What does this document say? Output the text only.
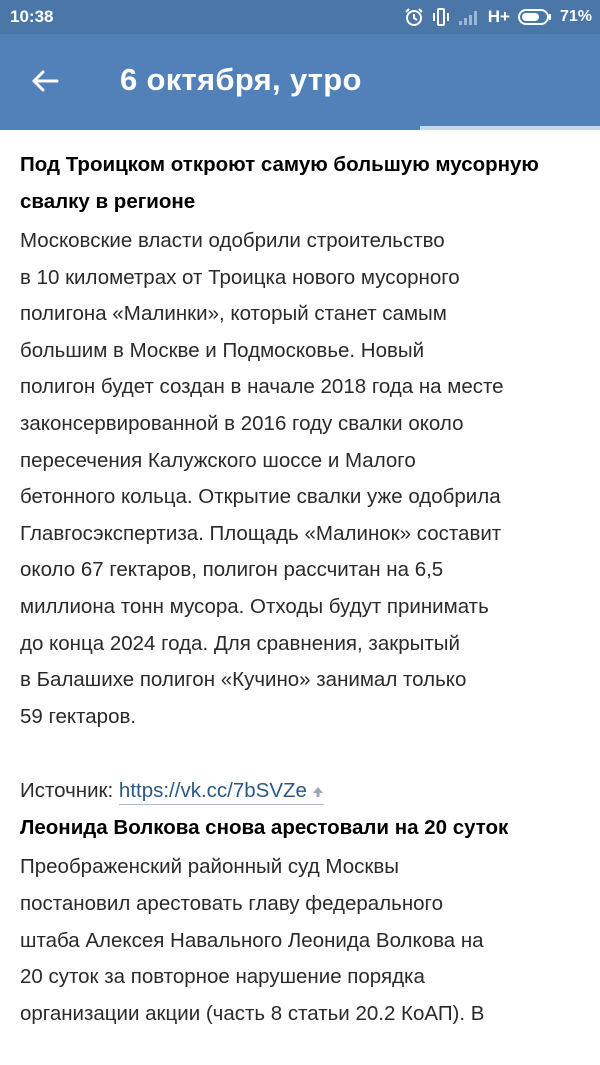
10:38	H+	71%
6 октября, утро
Под Троицком откроют самую большую мусорную свалку в регионе

Московские власти одобрили строительство
в 10 километрах от Троицка нового мусорного
полигона «Малинки», который станет самым
большим в Москве и Подмосковье. Новый
полигон будет создан в начале 2018 года на месте
законсервированной в 2016 году свалки около
пересечения Калужского шоссе и Малого
бетонного кольца. Открытие свалки уже одобрила
Главгосэкспертиза. Площадь «Малинок» составит
около 67 гектаров, полигон рассчитан на 6,5
миллиона тонн мусора. Отходы будут принимать
до конца 2024 года. Для сравнения, закрытый
в Балашихе полигон «Кучино» занимал только
59 гектаров.

Источник: https://vk.cc/7bSVZe
Леонида Волкова снова арестовали на 20 суток

Преображенский районный суд Москвы
постановил арестовать главу федерального
штаба Алексея Навального Леонида Волкова на
20 суток за повторное нарушение порядка
организации акции (часть 8 статьи 20.2 КоАП). В
